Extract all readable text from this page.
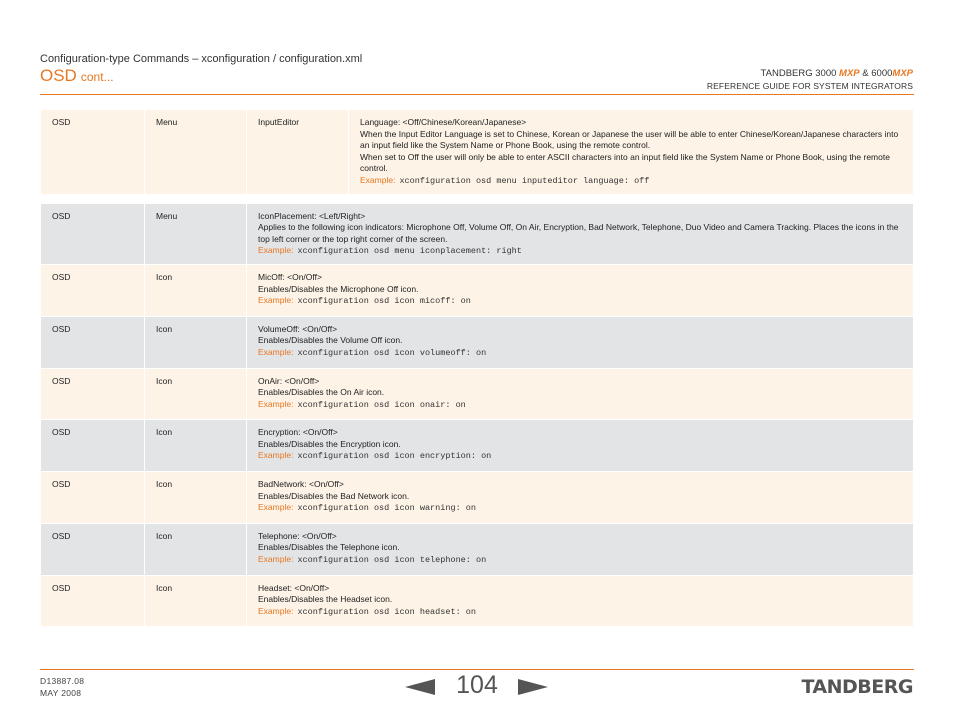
Configuration-type Commands – xconfiguration / configuration.xml
OSD cont...	TANDBERG 3000 MXP & 6000MXP
REFERENCE GUIDE FOR SYSTEM INTEGRATORS
OSD	Menu	InputEditor	Language: <Off/Chinese/Korean/Japanese>
When the Input Editor Language is set to Chinese, Korean or Japanese the user will be able to enter Chinese/Korean/Japanese characters into an input field like the System Name or Phone Book, using the remote control.
When set to Off the user will only be able to enter ASCII characters into an input field like the System Name or Phone Book, using the remote control.
Example: xconfiguration osd menu inputeditor language: off
OSD	Menu	IconPlacement: <Left/Right>
Applies to the following icon indicators: Microphone Off, Volume Off, On Air, Encryption, Bad Network, Telephone, Duo Video and Camera Tracking. Places the icons in the top left corner or the top right corner of the screen.
Example: xconfiguration osd menu iconplacement: right
OSD	Icon	MicOff: <On/Off>
Enables/Disables the Microphone Off icon.
Example: xconfiguration osd icon micoff: on
OSD	Icon	VolumeOff: <On/Off>
Enables/Disables the Volume Off icon.
Example: xconfiguration osd icon volumeoff: on
OSD	Icon	OnAir: <On/Off>
Enables/Disables the On Air icon.
Example: xconfiguration osd icon onair: on
OSD	Icon	Encryption: <On/Off>
Enables/Disables the Encryption icon.
Example: xconfiguration osd icon encryption: on
OSD	Icon	BadNetwork: <On/Off>
Enables/Disables the Bad Network icon.
Example: xconfiguration osd icon warning: on
OSD	Icon	Telephone: <On/Off>
Enables/Disables the Telephone icon.
Example: xconfiguration osd icon telephone: on
OSD	Icon	Headset: <On/Off>
Enables/Disables the Headset icon.
Example: xconfiguration osd icon headset: on
D13887.08
MAY 2008	104	TANDBERG
